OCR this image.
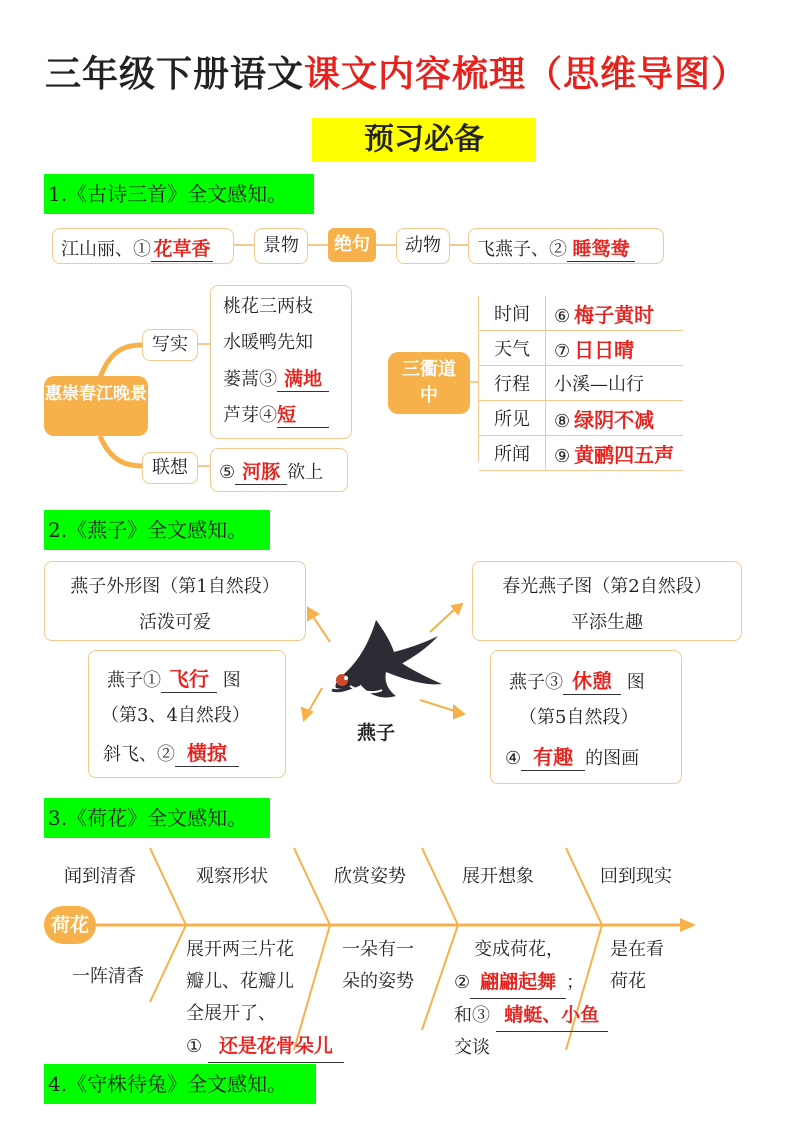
三年级下册语文课文内容梳理（思维导图）
预习必备
1.《古诗三首》全文感知。
江山丽、① 花草香	景物	绝句	动物	飞燕子、② 睡鸳鸯
惠崇春江晚景
写实
桃花三两枝
水暖鸭先知
蒌蒿③ 满地
芦芽④短
联想	⑤ 河豚 欲上
三衢道中
时间	⑥ 梅子黄时
天气	⑦ 日日晴
行程	小溪—山行
所见	⑧ 绿阴不减
所闻	⑨ 黄鹂四五声
2.《燕子》全文感知。
燕子外形图（第1自然段）
活泼可爱
燕子① 飞行 图
（第3、4自然段）
斜飞、② 横掠
燕子
春光燕子图（第2自然段）
平添生趣
燕子③ 休憩 图
（第5自然段）
④ 有趣 的图画
3.《荷花》全文感知。
闻到清香	观察形状	欣赏姿势	展开想象	回到现实
荷花
一阵清香
展开两三片花
瓣儿、花瓣儿
全展开了、
① 还是花骨朵儿
一朵有一
朵的姿势
变成荷花，
② 翩翩起舞 ；
和③ 蜻蜓、小鱼
交谈
是在看
荷花
4.《守株待兔》全文感知。
